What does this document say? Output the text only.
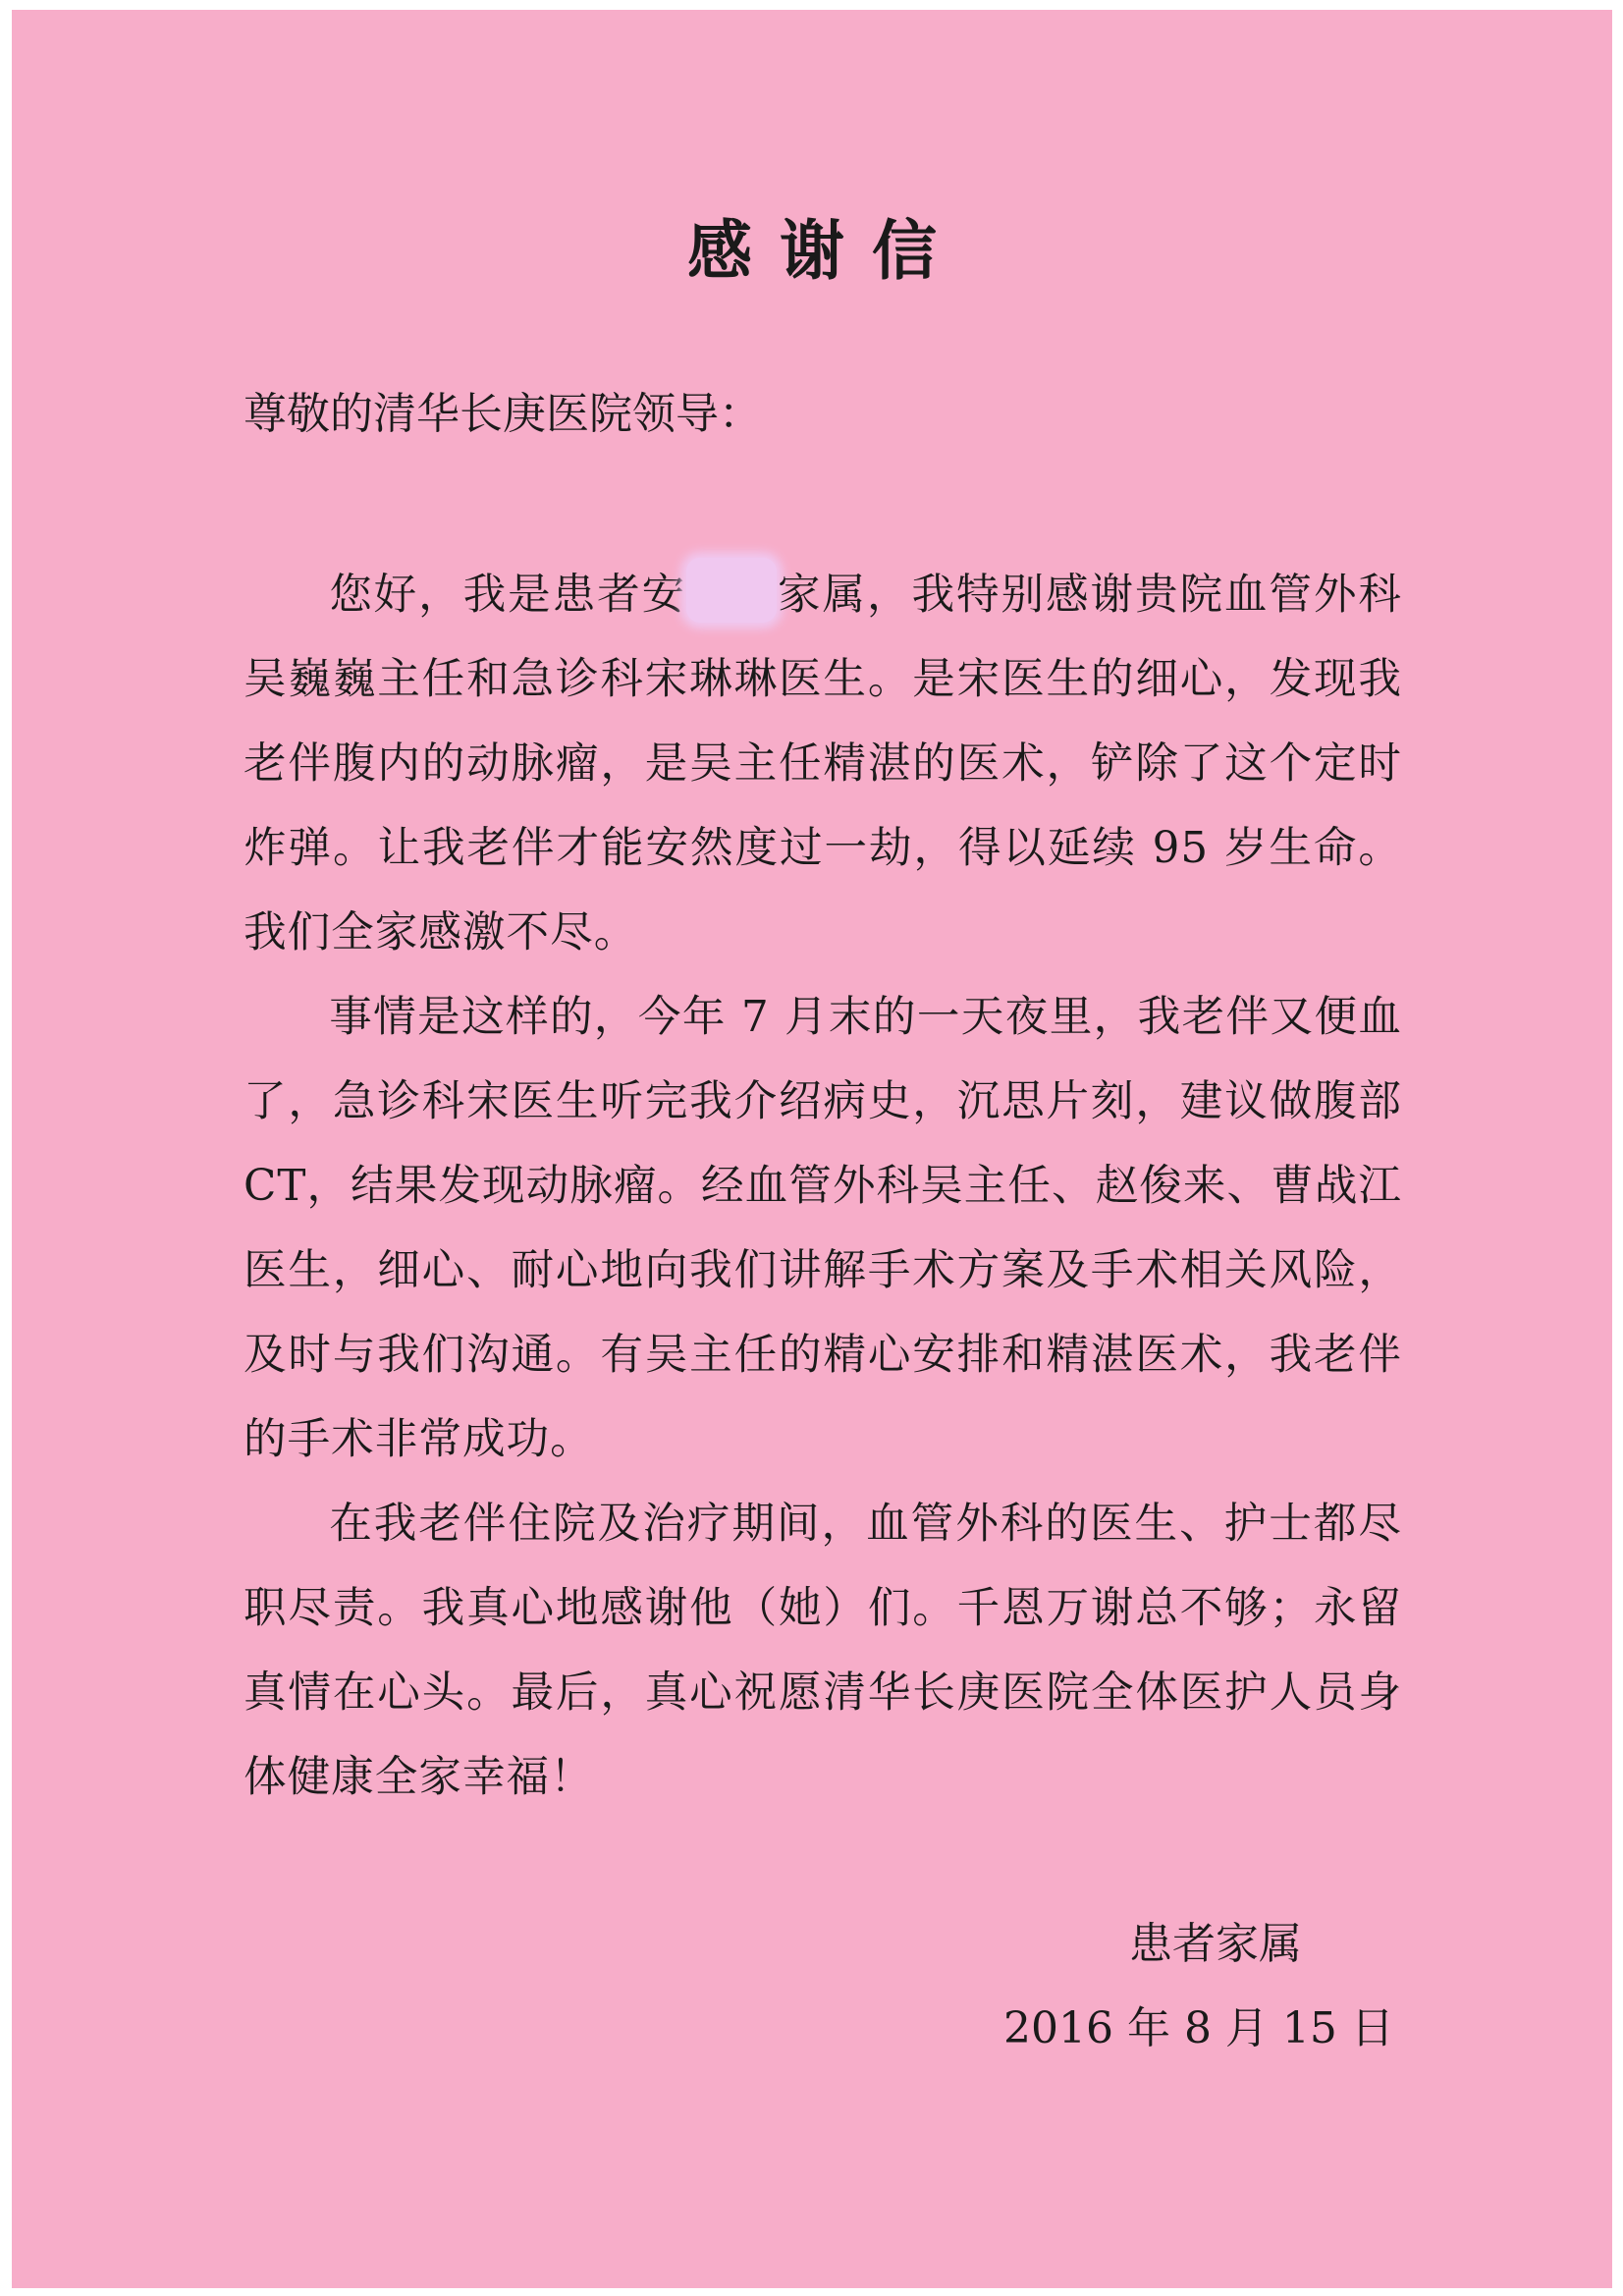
感谢信
尊敬的清华长庚医院领导：

您好，我是患者安 家属，我特别感谢贵院血管外科吴巍巍主任和急诊科宋琳琳医生。是宋医生的细心，发现我老伴腹内的动脉瘤，是吴主任精湛的医术，铲除了这个定时炸弹。让我老伴才能安然度过一劫，得以延续 95 岁生命。我们全家感激不尽。

事情是这样的，今年 7 月末的一天夜里，我老伴又便血了，急诊科宋医生听完我介绍病史，沉思片刻，建议做腹部 CT，结果发现动脉瘤。经血管外科吴主任、赵俊来、曹战江医生，细心、耐心地向我们讲解手术方案及手术相关风险，及时与我们沟通。有吴主任的精心安排和精湛医术，我老伴的手术非常成功。

在我老伴住院及治疗期间，血管外科的医生、护士都尽职尽责。我真心地感谢他（她）们。千恩万谢总不够；永留真情在心头。最后，真心祝愿清华长庚医院全体医护人员身体健康全家幸福！

患者家属
2016 年 8 月 15 日
